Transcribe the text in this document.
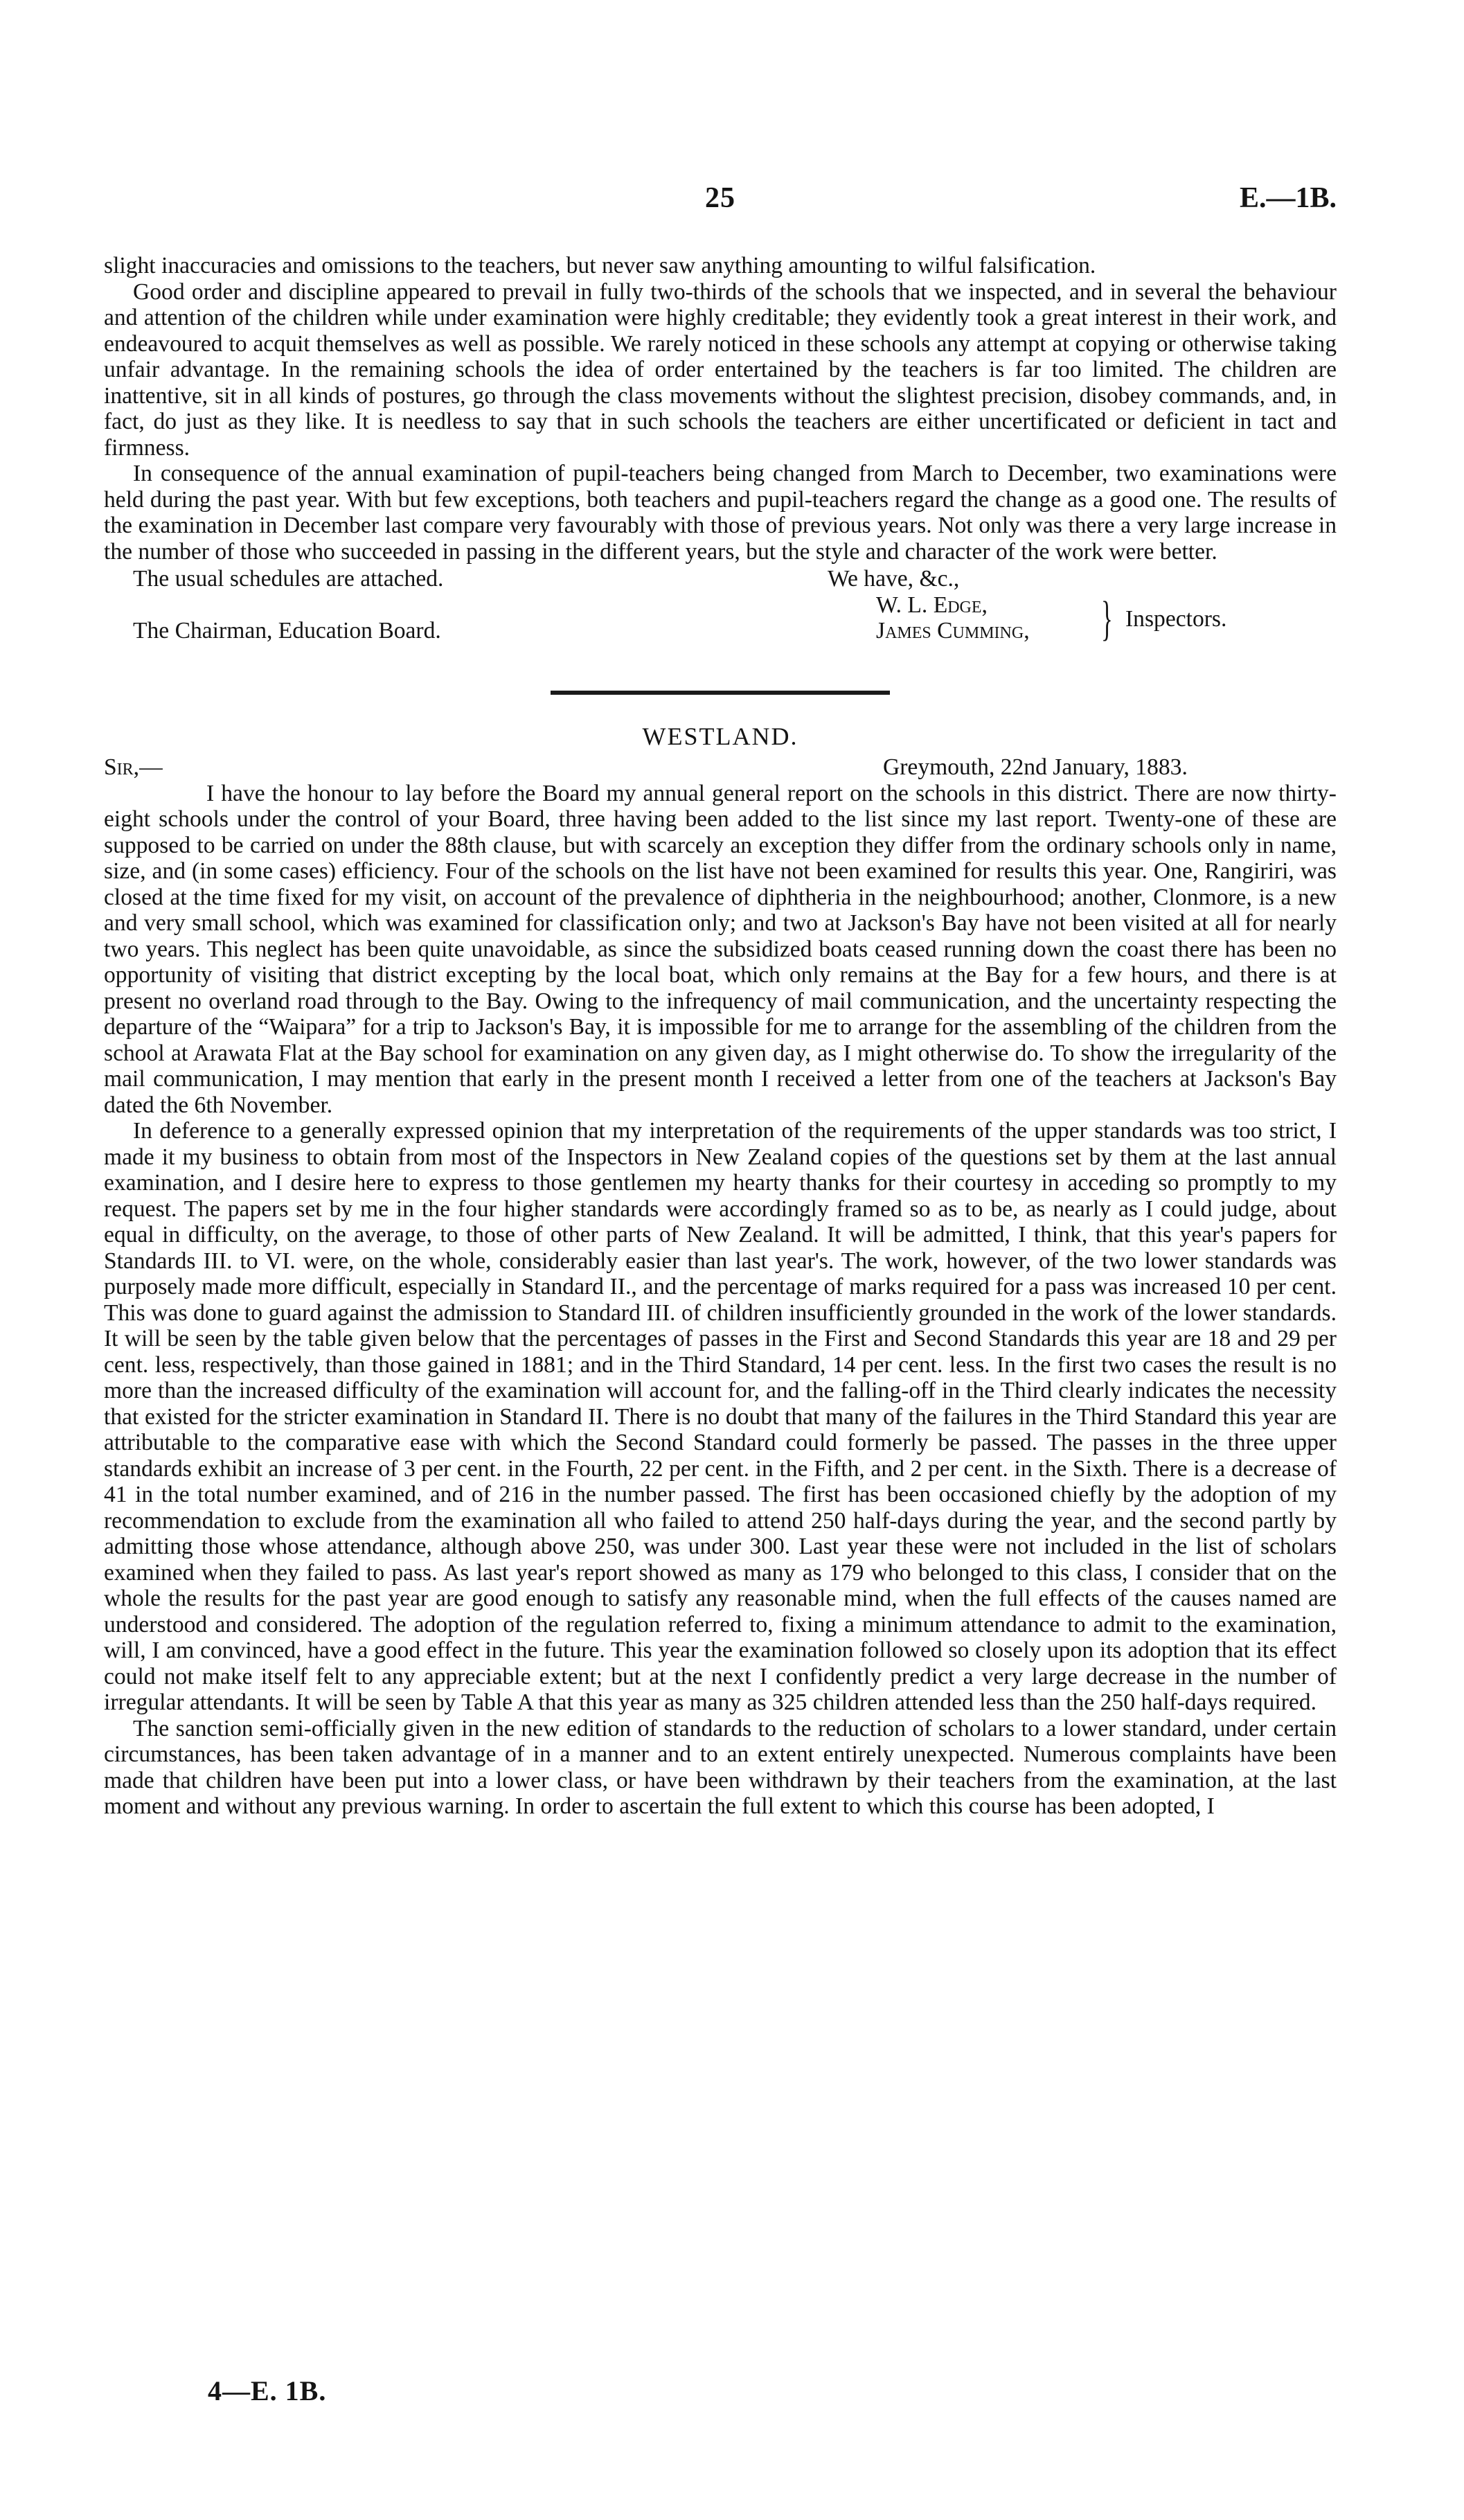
25	E.—1B.

slight inaccuracies and omissions to the teachers, but never saw anything amounting to wilful falsification.

Good order and discipline appeared to prevail in fully two-thirds of the schools that we inspected, and in several the behaviour and attention of the children while under examination were highly creditable; they evidently took a great interest in their work, and endeavoured to acquit themselves as well as possible. We rarely noticed in these schools any attempt at copying or otherwise taking unfair advantage. In the remaining schools the idea of order entertained by the teachers is far too limited. The children are inattentive, sit in all kinds of postures, go through the class movements without the slightest precision, disobey commands, and, in fact, do just as they like. It is needless to say that in such schools the teachers are either uncertificated or deficient in tact and firmness.

In consequence of the annual examination of pupil-teachers being changed from March to December, two examinations were held during the past year. With but few exceptions, both teachers and pupil-teachers regard the change as a good one. The results of the examination in December last compare very favourably with those of previous years. Not only was there a very large increase in the number of those who succeeded in passing in the different years, but the style and character of the work were better.

The usual schedules are attached.	We have, &c.,
W. L. Edge,
James Cumming, } Inspectors.
The Chairman, Education Board.
WESTLAND.
Sir,—	Greymouth, 22nd January, 1883.

I have the honour to lay before the Board my annual general report on the schools in this district. There are now thirty-eight schools under the control of your Board, three having been added to the list since my last report. Twenty-one of these are supposed to be carried on under the 88th clause, but with scarcely an exception they differ from the ordinary schools only in name, size, and (in some cases) efficiency. Four of the schools on the list have not been examined for results this year. One, Rangiriri, was closed at the time fixed for my visit, on account of the prevalence of diphtheria in the neighbourhood; another, Clonmore, is a new and very small school, which was examined for classification only; and two at Jackson's Bay have not been visited at all for nearly two years. This neglect has been quite unavoidable, as since the subsidized boats ceased running down the coast there has been no opportunity of visiting that district excepting by the local boat, which only remains at the Bay for a few hours, and there is at present no overland road through to the Bay. Owing to the infrequency of mail communication, and the uncertainty respecting the departure of the “Waipara” for a trip to Jackson's Bay, it is impossible for me to arrange for the assembling of the children from the school at Arawata Flat at the Bay school for examination on any given day, as I might otherwise do. To show the irregularity of the mail communication, I may mention that early in the present month I received a letter from one of the teachers at Jackson's Bay dated the 6th November.

In deference to a generally expressed opinion that my interpretation of the requirements of the upper standards was too strict, I made it my business to obtain from most of the Inspectors in New Zealand copies of the questions set by them at the last annual examination, and I desire here to express to those gentlemen my hearty thanks for their courtesy in acceding so promptly to my request. The papers set by me in the four higher standards were accordingly framed so as to be, as nearly as I could judge, about equal in difficulty, on the average, to those of other parts of New Zealand. It will be admitted, I think, that this year's papers for Standards III. to VI. were, on the whole, considerably easier than last year's. The work, however, of the two lower standards was purposely made more difficult, especially in Standard II., and the percentage of marks required for a pass was increased 10 per cent. This was done to guard against the admission to Standard III. of children insufficiently grounded in the work of the lower standards. It will be seen by the table given below that the percentages of passes in the First and Second Standards this year are 18 and 29 per cent. less, respectively, than those gained in 1881; and in the Third Standard, 14 per cent. less. In the first two cases the result is no more than the increased difficulty of the examination will account for, and the falling-off in the Third clearly indicates the necessity that existed for the stricter examination in Standard II. There is no doubt that many of the failures in the Third Standard this year are attributable to the comparative ease with which the Second Standard could formerly be passed. The passes in the three upper standards exhibit an increase of 3 per cent. in the Fourth, 22 per cent. in the Fifth, and 2 per cent. in the Sixth. There is a decrease of 41 in the total number examined, and of 216 in the number passed. The first has been occasioned chiefly by the adoption of my recommendation to exclude from the examination all who failed to attend 250 half-days during the year, and the second partly by admitting those whose attendance, although above 250, was under 300. Last year these were not included in the list of scholars examined when they failed to pass. As last year's report showed as many as 179 who belonged to this class, I consider that on the whole the results for the past year are good enough to satisfy any reasonable mind, when the full effects of the causes named are understood and considered. The adoption of the regulation referred to, fixing a minimum attendance to admit to the examination, will, I am convinced, have a good effect in the future. This year the examination followed so closely upon its adoption that its effect could not make itself felt to any appreciable extent; but at the next I confidently predict a very large decrease in the number of irregular attendants. It will be seen by Table A that this year as many as 325 children attended less than the 250 half-days required.

The sanction semi-officially given in the new edition of standards to the reduction of scholars to a lower standard, under certain circumstances, has been taken advantage of in a manner and to an extent entirely unexpected. Numerous complaints have been made that children have been put into a lower class, or have been withdrawn by their teachers from the examination, at the last moment and without any previous warning. In order to ascertain the full extent to which this course has been adopted, I

4—E. 1B.
